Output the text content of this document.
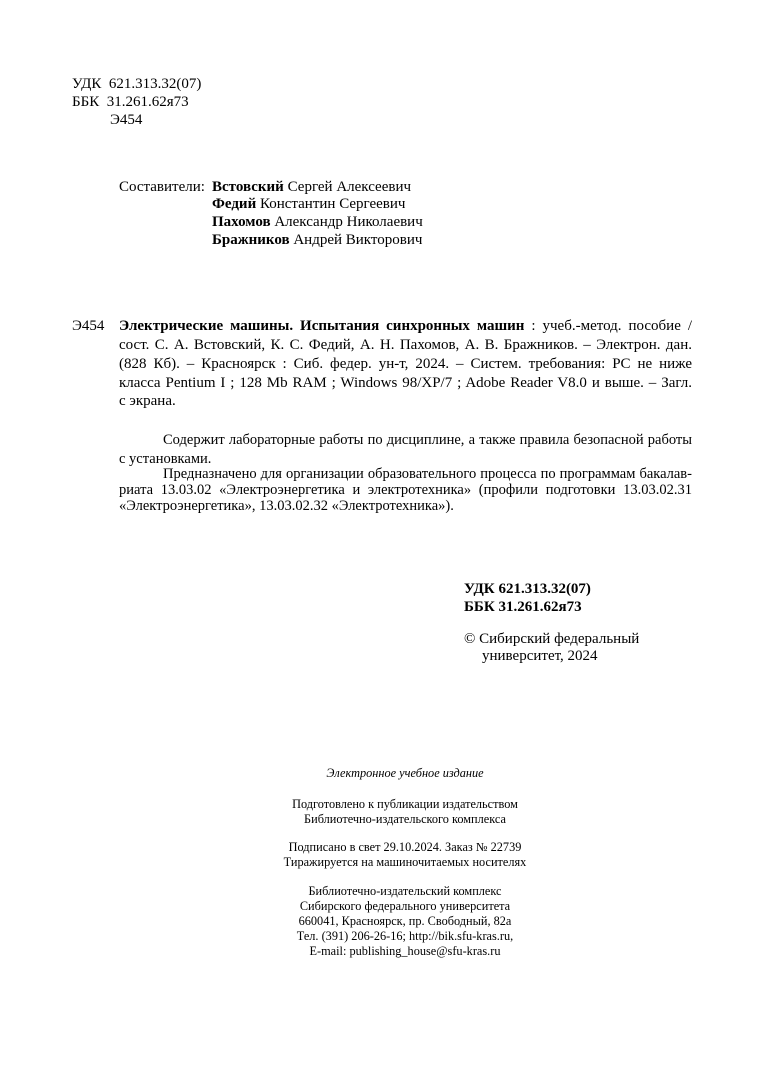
УДК 621.313.32(07)
ББК 31.261.62я73
Э454
Составители: Встовский Сергей Алексеевич
Федий Константин Сергеевич
Пахомов Александр Николаевич
Бражников Андрей Викторович
Э454 Электрические машины. Испытания синхронных машин : учеб.-метод. пособие /
сост. С. А. Встовский, К. С. Федий, А. Н. Пахомов, А. В. Бражников. – Электрон. дан.
(828 Кб). – Красноярск : Сиб. федер. ун-т, 2024. – Систем. требования: PC не ниже
класса Pentium I ; 128 Mb RAM ; Windows 98/XP/7 ; Adobe Reader V8.0 и выше. – Загл.
с экрана.
Содержит лабораторные работы по дисциплине, а также правила безопасной работы
с установками.
Предназначено для организации образовательного процесса по программам бакалав-
риата 13.03.02 «Электроэнергетика и электротехника» (профили подготовки 13.03.02.31
«Электроэнергетика», 13.03.02.32 «Электротехника»).
УДК 621.313.32(07)
ББК 31.261.62я73
© Сибирский федеральный
университет, 2024
Электронное учебное издание
Подготовлено к публикации издательством
Библиотечно-издательского комплекса
Подписано в свет 29.10.2024. Заказ № 22739
Тиражируется на машиночитаемых носителях
Библиотечно-издательский комплекс
Сибирского федерального университета
660041, Красноярск, пр. Свободный, 82а
Тел. (391) 206-26-16; http://bik.sfu-kras.ru,
E-mail: publishing_house@sfu-kras.ru
